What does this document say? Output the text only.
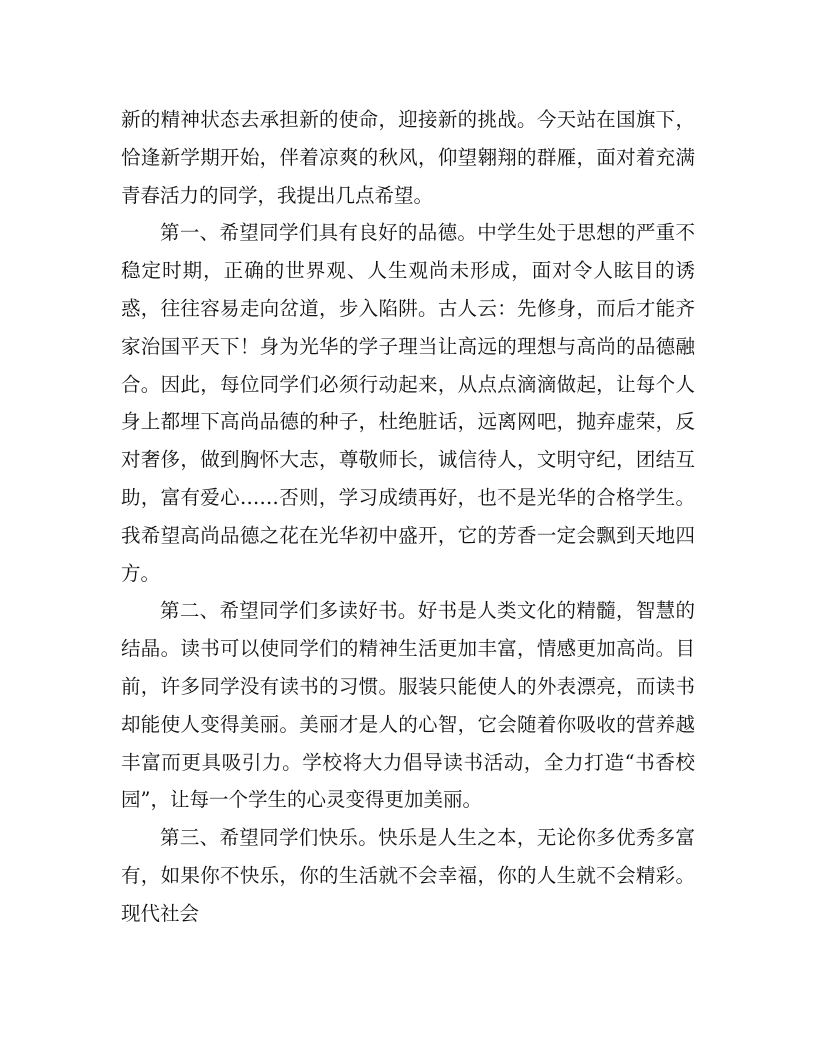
新的精神状态去承担新的使命，迎接新的挑战。今天站在国旗下，恰逢新学期开始，伴着凉爽的秋风，仰望翱翔的群雁，面对着充满青春活力的同学，我提出几点希望。

第一、希望同学们具有良好的品德。中学生处于思想的严重不稳定时期，正确的世界观、人生观尚未形成，面对令人眩目的诱惑，往往容易走向岔道，步入陷阱。古人云：先修身，而后才能齐家治国平天下！身为光华的学子理当让高远的理想与高尚的品德融合。因此，每位同学们必须行动起来，从点点滴滴做起，让每个人身上都埋下高尚品德的种子，杜绝脏话，远离网吧，抛弃虚荣，反对奢侈，做到胸怀大志，尊敬师长，诚信待人，文明守纪，团结互助，富有爱心……否则，学习成绩再好，也不是光华的合格学生。我希望高尚品德之花在光华初中盛开，它的芳香一定会飘到天地四方。

第二、希望同学们多读好书。好书是人类文化的精髓，智慧的结晶。读书可以使同学们的精神生活更加丰富，情感更加高尚。目前，许多同学没有读书的习惯。服装只能使人的外表漂亮，而读书却能使人变得美丽。美丽才是人的心智，它会随着你吸收的营养越丰富而更具吸引力。学校将大力倡导读书活动，全力打造“书香校园”，让每一个学生的心灵变得更加美丽。

第三、希望同学们快乐。快乐是人生之本，无论你多优秀多富有，如果你不快乐，你的生活就不会幸福，你的人生就不会精彩。现代社会
